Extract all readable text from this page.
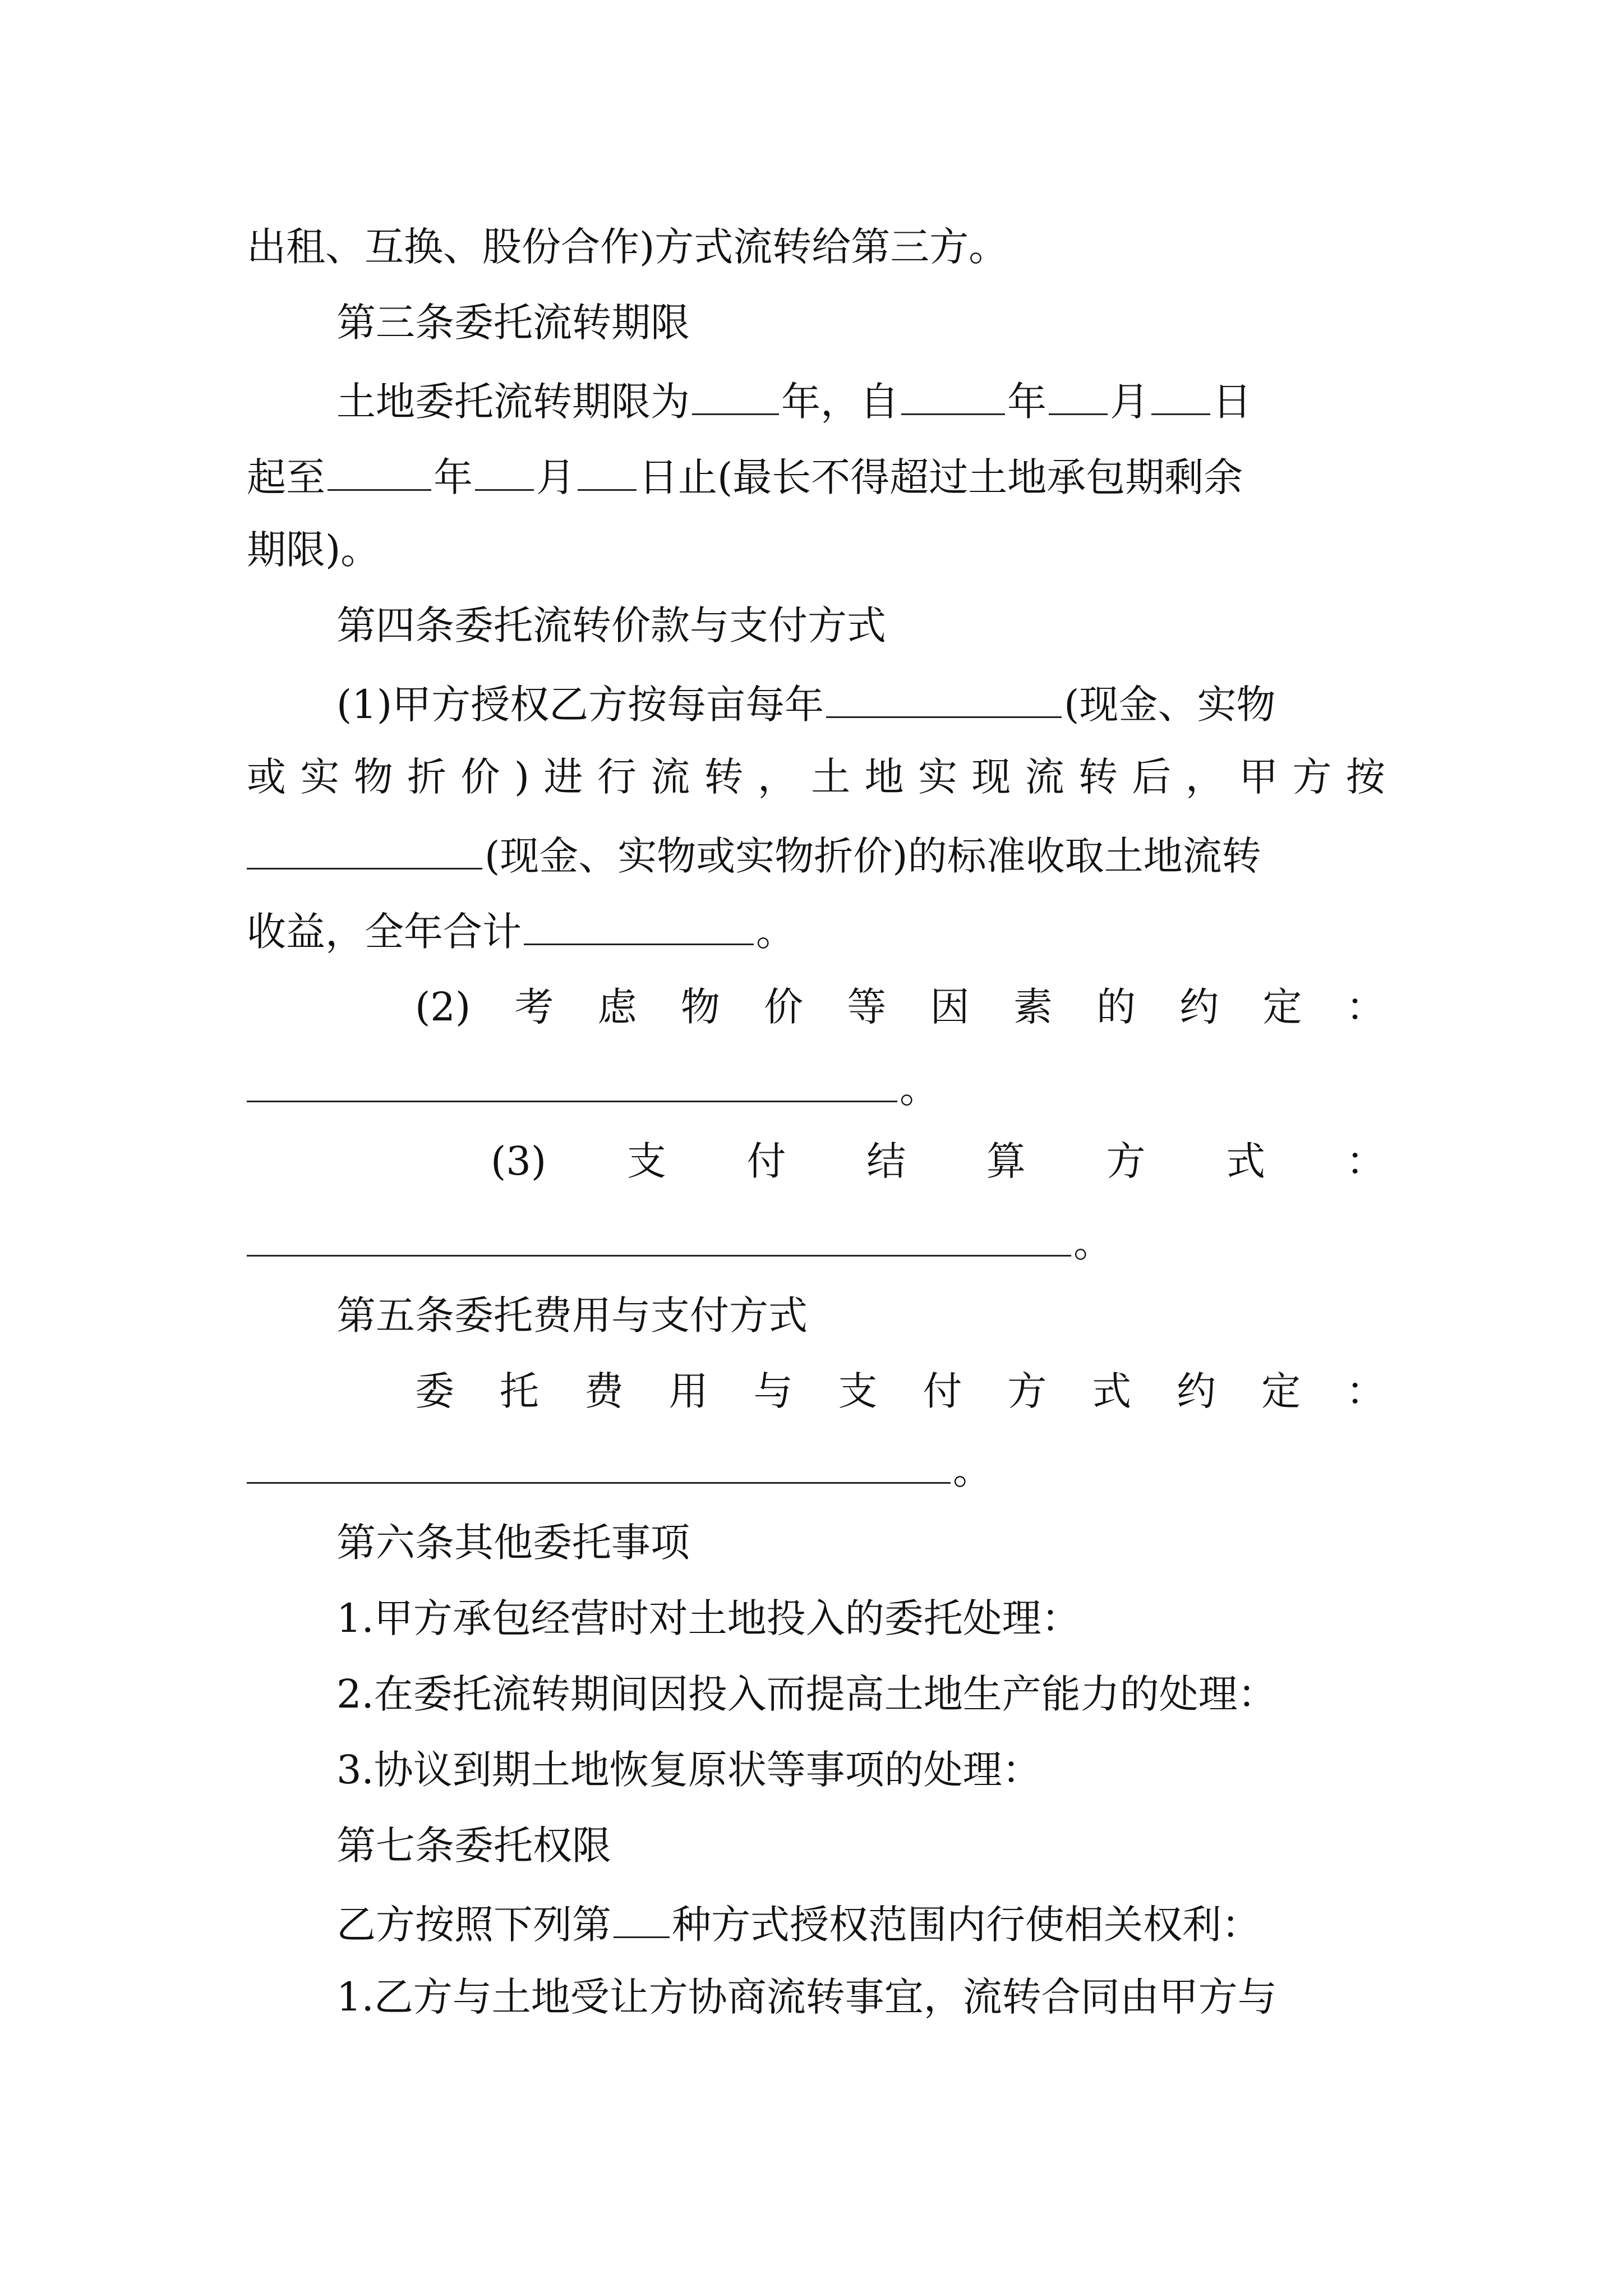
出租、互换、股份合作)方式流转给第三方。
第三条委托流转期限
土地委托流转期限为 年，自	年 月 日
起至	年 月 日止(最长不得超过土地承包期剩余
期限)。
第四条委托流转价款与支付方式
(1)甲方授权乙方按每亩每年	(现金、实物
或 实 物 折 价 ) 进 行 流 转 ， 土 地 实 现 流 转 后 ， 甲 方 按
(现金、实物或实物折价)的标准收取土地流转
收益，全年合计	。
(2) 考 虑 物 价 等 因 素 的 约 定 ：
。
(3) 支 付 结 算 方 式 ：
。
第五条委托费用与支付方式
委 托 费 用 与 支 付 方 式 约 定 ：
。
第六条其他委托事项
1.甲方承包经营时对土地投入的委托处理：
2.在委托流转期间因投入而提高土地生产能力的处理：
3.协议到期土地恢复原状等事项的处理：
第七条委托权限
乙方按照下列第 种方式授权范围内行使相关权利：
1.乙方与土地受让方协商流转事宜，流转合同由甲方与
